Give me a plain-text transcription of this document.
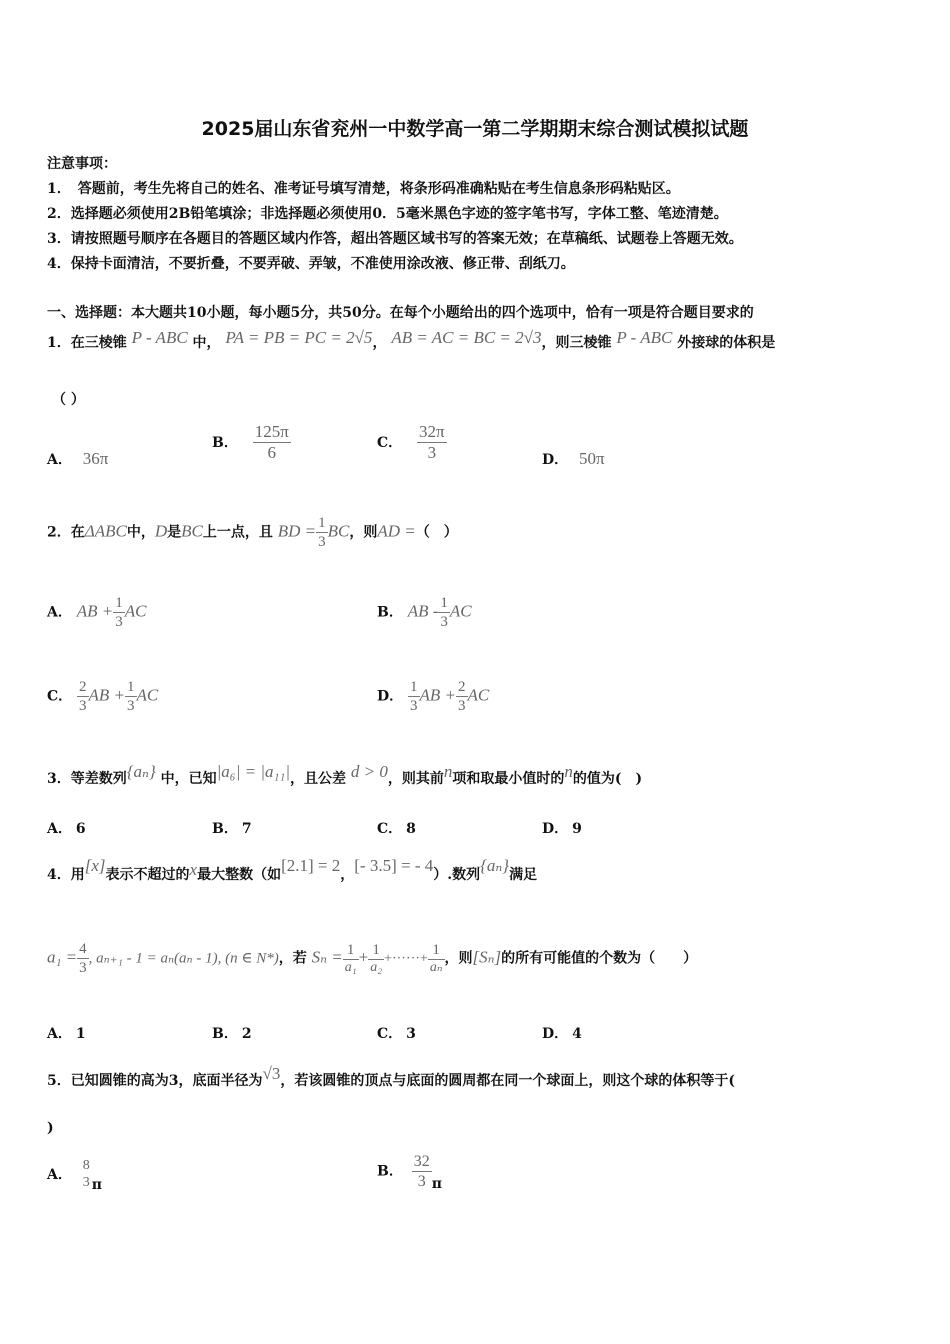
2025届山东省兖州一中数学高一第二学期期末综合测试模拟试题
注意事项：
1．　答题前，考生先将自己的姓名、准考证号填写清楚，将条形码准确粘贴在考生信息条形码粘贴区。
2．选择题必须使用2B铅笔填涂；非选择题必须使用0．5毫米黑色字迹的签字笔书写，字体工整、笔迹清楚。
3．请按照题号顺序在各题目的答题区域内作答，超出答题区域书写的答案无效；在草稿纸、试题卷上答题无效。
4．保持卡面清洁，不要折叠，不要弄破、弄皱，不准使用涂改液、修正带、刮纸刀。
一、选择题：本大题共10小题，每小题5分，共50分。在每个小题给出的四个选项中，恰有一项是符合题目要求的
1．在三棱锥 P - ABC 中， PA = PB = PC = 2√5， AB = AC = BC = 2√3，则三棱锥 P - ABC 外接球的体积是
（ ）
A． 36π
B． $\frac{125\pi}{6}$	C． $\frac{32\pi}{3}$	D． 50π
2．在ΔABC中，D是BC上一点，且 BD = $\frac{1}{3}$ BC，则AD =（　）
A． AB + $\frac{1}{3}$ AC	B． AB - $\frac{1}{3}$ AC
C． $\frac{2}{3}$ AB + $\frac{1}{3}$ AC	D． $\frac{1}{3}$ AB + $\frac{2}{3}$ AC
3．等差数列{aₙ} 中，已知|a₆| = |a₁₁|，且公差 d > 0，则其前n项和取最小值时的n的值为(　)
A． 6	B． 7	C． 8	D． 9
4．用[x]表示不超过的x最大整数（如[2.1] = 2，[- 3.5] = - 4）.数列{aₙ}满足
$a_1 = \frac{4}{3}$ , aₙ₊₁ - 1 = aₙ(aₙ - 1), (n ∈ N*)，若 $S_n = \frac{1}{\text{a₁}} + \frac{1}{\text{a₂}}$ +······+ $\frac{1}{\text{aₙ}}$ ，则[Sₙ]的所有可能值的个数为（　　）
A． 1	B． 2	C． 3	D． 4
5．已知圆锥的高为3，底面半径为√3，若该圆锥的顶点与底面的圆周都在同一个球面上，则这个球的体积等于(
)
A．
8
3 π
B． $\frac{32}{3}$ π
